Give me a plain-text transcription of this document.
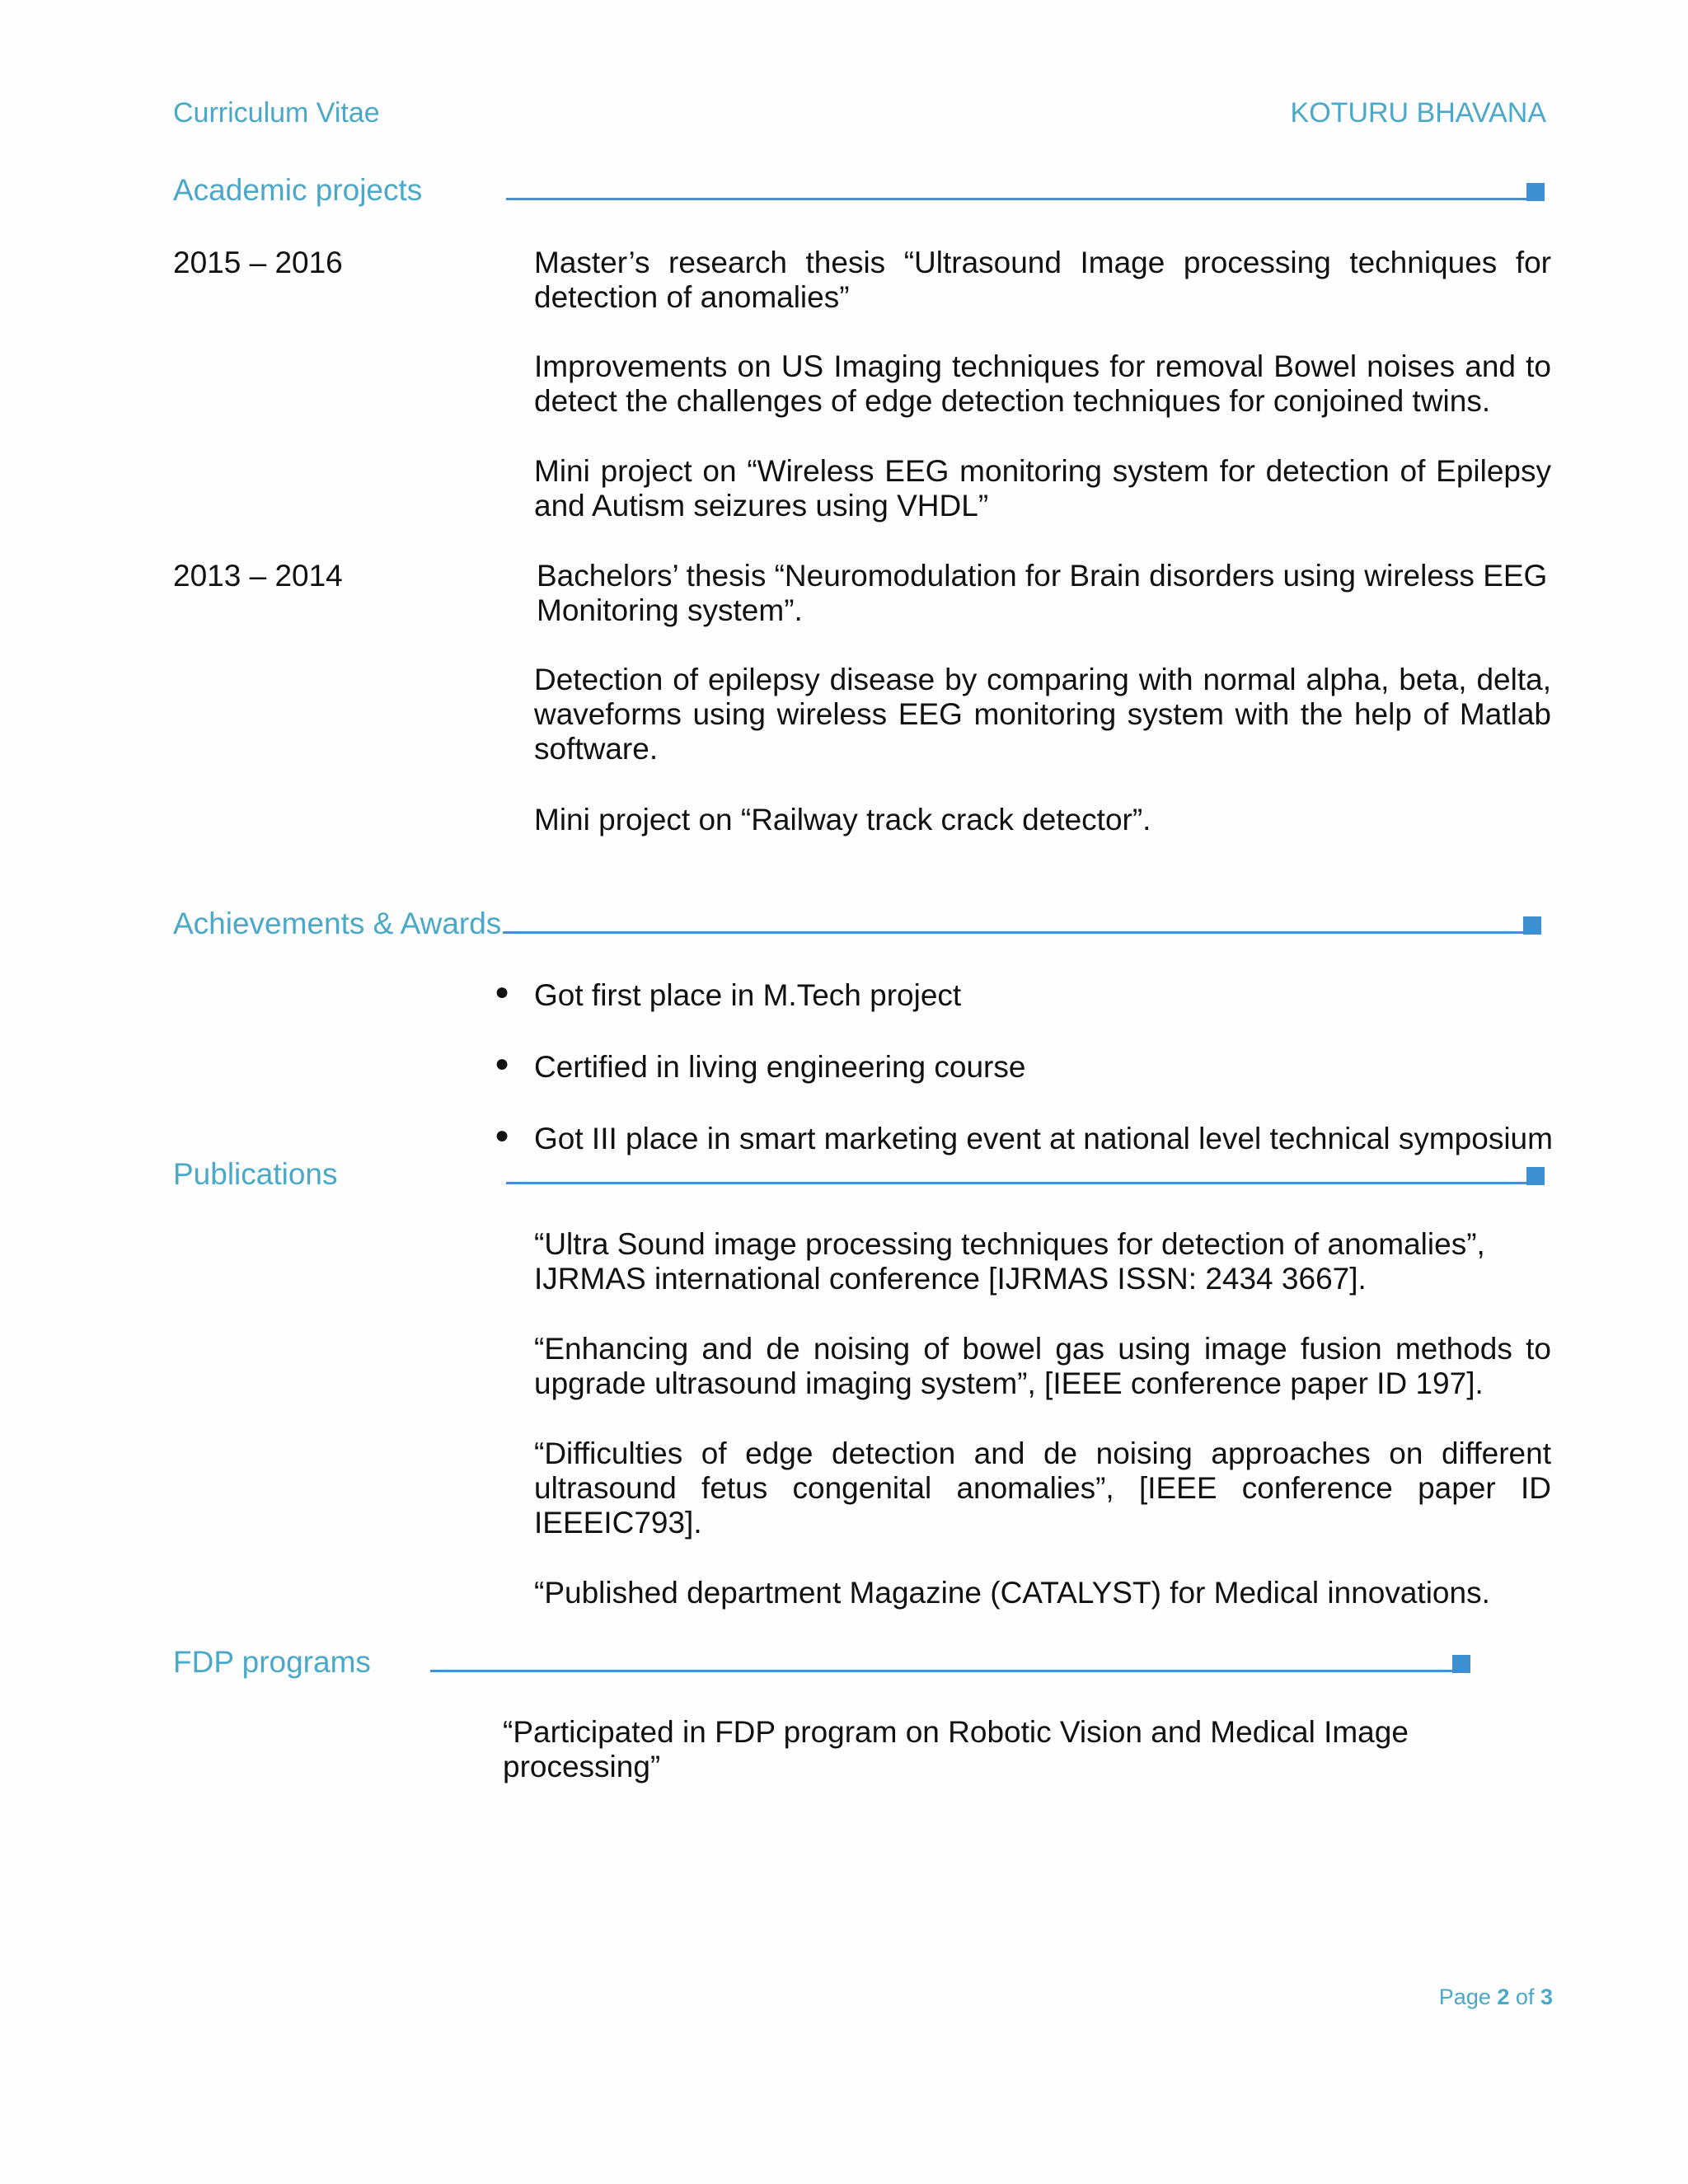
Curriculum Vitae	KOTURU BHAVANA
Academic projects
2015 – 2016	Master’s research thesis “Ultrasound Image processing techniques for detection of anomalies”
Improvements on US Imaging techniques for removal Bowel noises and to detect the challenges of edge detection techniques for conjoined twins.
Mini project on “Wireless EEG monitoring system for detection of Epilepsy and Autism seizures using VHDL”
2013 – 2014	Bachelors’ thesis “Neuromodulation for Brain disorders using wireless EEG Monitoring system”.
Detection of epilepsy disease by comparing with normal alpha, beta, delta, waveforms using wireless EEG monitoring system with the help of Matlab software.
Mini project on “Railway track crack detector”.
Achievements & Awards
● Got first place in M.Tech project
● Certified in living engineering course
● Got III place in smart marketing event at national level technical symposium
Publications
“Ultra Sound image processing techniques for detection of anomalies”, IJRMAS international conference [IJRMAS ISSN: 2434 3667].
“Enhancing and de noising of bowel gas using image fusion methods to upgrade ultrasound imaging system”, [IEEE conference paper ID 197].
“Difficulties of edge detection and de noising approaches on different ultrasound fetus congenital anomalies”, [IEEE conference paper ID IEEEIC793].
“Published department Magazine (CATALYST) for Medical innovations.
FDP programs
“Participated in FDP program on Robotic Vision and Medical Image processing”
Page 2 of 3
